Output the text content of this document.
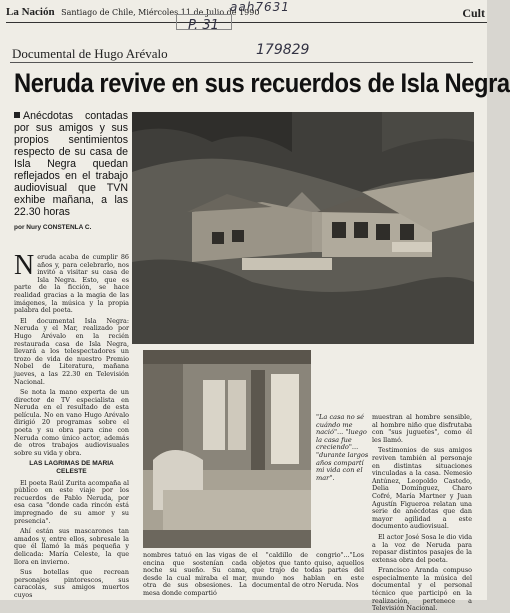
La Nación Santiago de Chile, Miércoles 11 de Julio de 1990	Cult
aah7631
P. 31
179829
Documental de Hugo Arévalo
Neruda revive en sus recuerdos de Isla Negra
Anécdotas contadas por sus amigos y sus propios sentimientos respecto de su casa de Isla Negra quedan reflejados en el trabajo audiovisual que TVN exhibe mañana, a las 22.30 horas
por Nury CONSTENLA C.
"La casa no sé cuándo me nació"... "luego la casa fue creciendo"... "durante largos años compartí mi vida con el mar".

Neruda acaba de cumplir 86 años y, para celebrarlo, nos invitó a visitar su casa de Isla Negra. Esto, que es parte de la ficción, se hace realidad gracias a la magia de las imágenes, la música y la propia palabra del poeta.

El documental Isla Negra: Neruda y el Mar, realizado por Hugo Arévalo en la recién restaurada casa de Isla Negra, llevará a los telespectadores un trozo de vida de nuestro Premio Nobel de Literatura, mañana jueves, a las 22.30 en Televisión Nacional.

Se nota la mano experta de un director de TV especialista en Neruda en el resultado de esta película. No en vano Hugo Arévalo dirigió 20 programas sobre el poeta y su obra para cine con Neruda como único actor, además de otros trabajos audiovisuales sobre su vida y obra.

LAS LAGRIMAS DE MARIA CELESTE

El poeta Raúl Zurita acompaña al público en este viaje por los recuerdos de Pablo Neruda, por esa casa "donde cada rincón está impregnado de su amor y su presencia".

Ahí están sus mascarones tan amados y, entre ellos, sobresale la que él llamó la más pequeña y delicada: María Celeste, la que llora en invierno.

Sus botellas que recrean personajes pintorescos, sus caracolas, sus amigos muertos cuyos

nombres tatuó en las vigas de encina que sostenían cada noche su sueño. Su cama, desde la cual miraba el mar, otra de sus obsesiones. La mesa donde compartió

el "caldillo de congrio"..."Los objetos que tanto quiso, aquellos que trajo de todas partes del mundo nos hablan en este documental de otro Neruda. Nos

muestran al hombre sensible, al hombre niño que disfrutaba con "sus juguetes", como él les llamó.

Testimonios de sus amigos reviven también al personaje en distintas situaciones vinculadas a la casa. Nemesio Antúnez, Leopoldo Castedo, Delia Domínguez, Charo Cofré, María Martner y Juan Agustín Figueroa relatan una serie de anécdotas que dan mayor agilidad a este documento audiovisual.

El actor José Sosa le dio vida a la voz de Neruda para repasar distintos pasajes de la extensa obra del poeta.

Francisco Aranda compuso especialmente la música del documental y el personal técnico que participó en la realización, pertenece a Televisión Nacional.
